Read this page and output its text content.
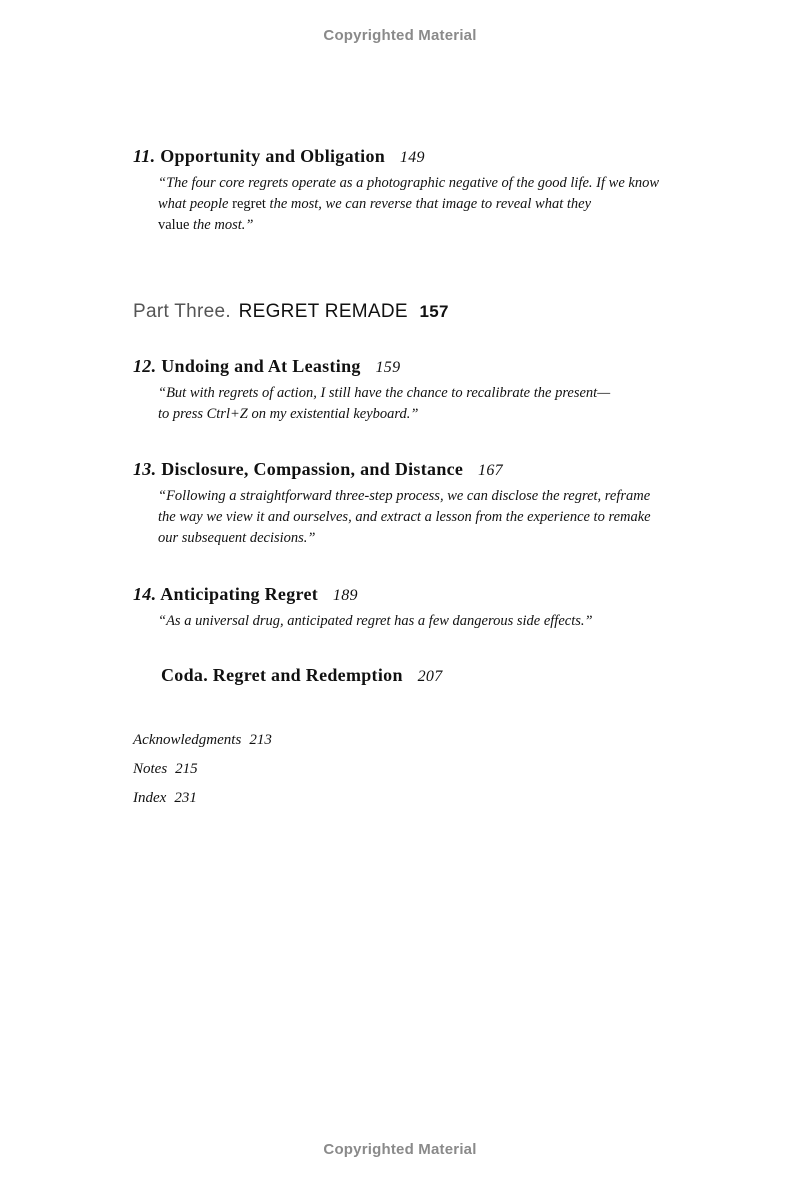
Copyrighted Material
11. Opportunity and Obligation 149
“The four core regrets operate as a photographic negative of the good life. If we know
what people regret the most, we can reverse that image to reveal what they
value the most.”
Part Three. REGRET REMADE 157
12. Undoing and At Leasting 159
“But with regrets of action, I still have the chance to recalibrate the present—
to press Ctrl+Z on my existential keyboard.”
13. Disclosure, Compassion, and Distance 167
“Following a straightforward three-step process, we can disclose the regret, reframe
the way we view it and ourselves, and extract a lesson from the experience to remake
our subsequent decisions.”
14. Anticipating Regret 189
“As a universal drug, anticipated regret has a few dangerous side effects.”
Coda. Regret and Redemption 207
Acknowledgments 213
Notes 215
Index 231
Copyrighted Material
